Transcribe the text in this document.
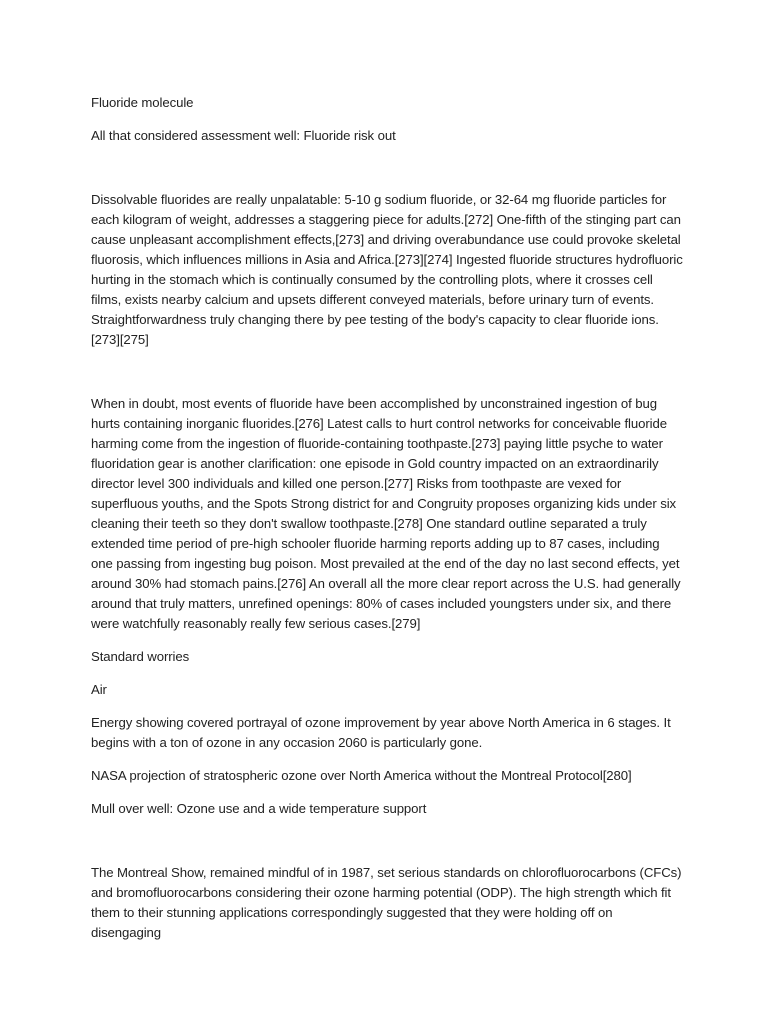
Fluoride molecule

All that considered assessment well: Fluoride risk out

Dissolvable fluorides are really unpalatable: 5-10 g sodium fluoride, or 32-64 mg fluoride particles for each kilogram of weight, addresses a staggering piece for adults.[272] One-fifth of the stinging part can cause unpleasant accomplishment effects,[273] and driving overabundance use could provoke skeletal fluorosis, which influences millions in Asia and Africa.[273][274] Ingested fluoride structures hydrofluoric hurting in the stomach which is continually consumed by the controlling plots, where it crosses cell films, exists nearby calcium and upsets different conveyed materials, before urinary turn of events. Straightforwardness truly changing there by pee testing of the body's capacity to clear fluoride ions.[273][275]

When in doubt, most events of fluoride have been accomplished by unconstrained ingestion of bug hurts containing inorganic fluorides.[276] Latest calls to hurt control networks for conceivable fluoride harming come from the ingestion of fluoride-containing toothpaste.[273] paying little psyche to water fluoridation gear is another clarification: one episode in Gold country impacted on an extraordinarily director level 300 individuals and killed one person.[277] Risks from toothpaste are vexed for superfluous youths, and the Spots Strong district for and Congruity proposes organizing kids under six cleaning their teeth so they don't swallow toothpaste.[278] One standard outline separated a truly extended time period of pre-high schooler fluoride harming reports adding up to 87 cases, including one passing from ingesting bug poison. Most prevailed at the end of the day no last second effects, yet around 30% had stomach pains.[276] An overall all the more clear report across the U.S. had generally around that truly matters, unrefined openings: 80% of cases included youngsters under six, and there were watchfully reasonably really few serious cases.[279]

Standard worries

Air

Energy showing covered portrayal of ozone improvement by year above North America in 6 stages. It begins with a ton of ozone in any occasion 2060 is particularly gone.

NASA projection of stratospheric ozone over North America without the Montreal Protocol[280]

Mull over well: Ozone use and a wide temperature support

The Montreal Show, remained mindful of in 1987, set serious standards on chlorofluorocarbons (CFCs) and bromofluorocarbons considering their ozone harming potential (ODP). The high strength which fit them to their stunning applications correspondingly suggested that they were holding off on disengaging
